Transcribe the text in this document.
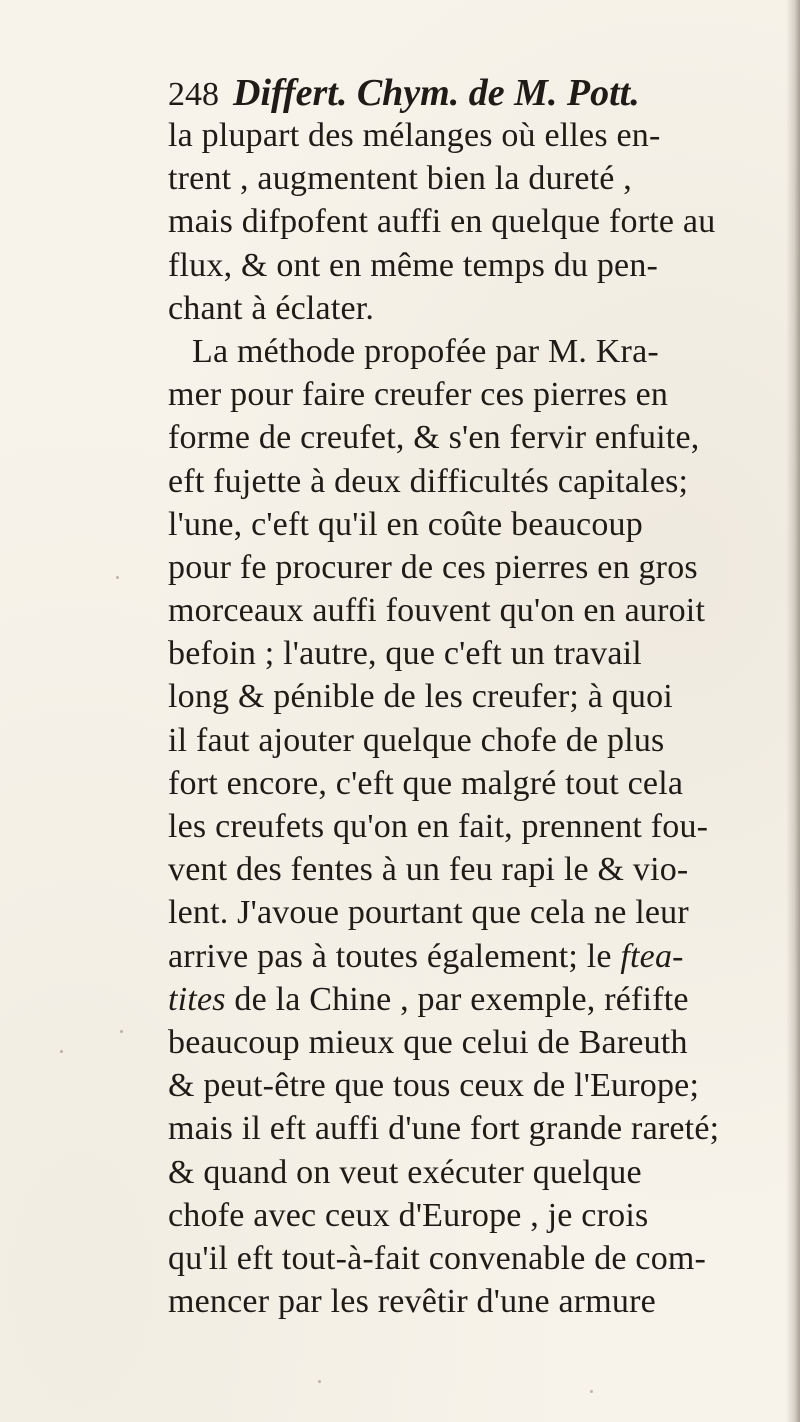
248 Differt. Chym. de M. Pott.
la plupart des mélanges où elles en-
trent , augmentent bien la dureté ,
mais difpofent auffi en quelque forte au
flux, & ont en même temps du pen-
chant à éclater.
La méthode propofée par M. Kra-
mer pour faire creufer ces pierres en
forme de creufet, & s'en fervir enfuite,
eft fujette à deux difficultés capitales;
l'une, c'eft qu'il en coûte beaucoup
pour fe procurer de ces pierres en gros
morceaux auffi fouvent qu'on en auroit
befoin ; l'autre, que c'eft un travail
long & pénible de les creufer; à quoi
il faut ajouter quelque chofe de plus
fort encore, c'eft que malgré tout cela
les creufets qu'on en fait, prennent fou-
vent des fentes à un feu rapi le & vio-
lent. J'avoue pourtant que cela ne leur
arrive pas à toutes également; le ftea-
tites de la Chine , par exemple, réfifte
beaucoup mieux que celui de Bareuth
& peut-être que tous ceux de l'Europe;
mais il eft auffi d'une fort grande rareté;
& quand on veut exécuter quelque
chofe avec ceux d'Europe , je crois
qu'il eft tout-à-fait convenable de com-
mencer par les revêtir d'une armure
